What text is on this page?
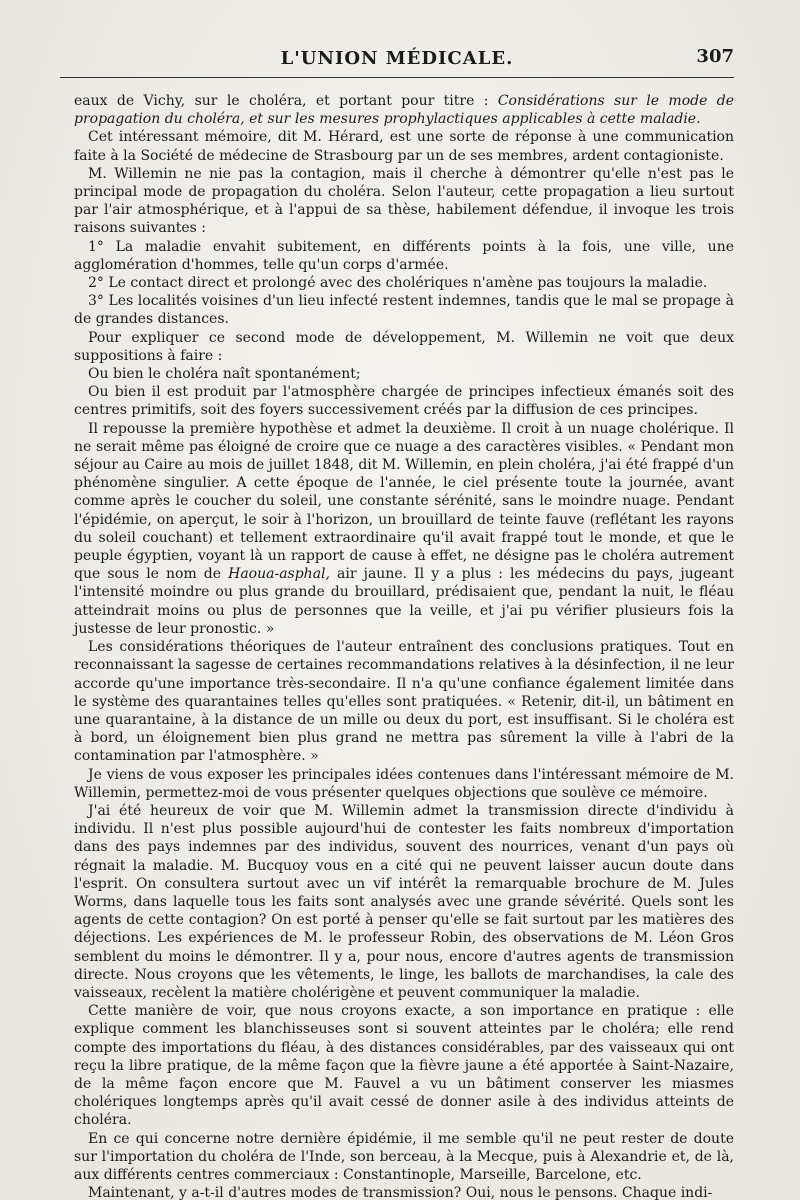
L'UNION MÉDICALE.	307

eaux de Vichy, sur le choléra, et portant pour titre : Considérations sur le mode de propagation du choléra, et sur les mesures prophylactiques applicables à cette maladie.

Cet intéressant mémoire, dit M. Hérard, est une sorte de réponse à une communication faite à la Société de médecine de Strasbourg par un de ses membres, ardent contagioniste.

M. Willemin ne nie pas la contagion, mais il cherche à démontrer qu'elle n'est pas le principal mode de propagation du choléra. Selon l'auteur, cette propagation a lieu surtout par l'air atmosphérique, et à l'appui de sa thèse, habilement défendue, il invoque les trois raisons suivantes :

1° La maladie envahit subitement, en différents points à la fois, une ville, une agglomération d'hommes, telle qu'un corps d'armée.

2° Le contact direct et prolongé avec des cholériques n'amène pas toujours la maladie.

3° Les localités voisines d'un lieu infecté restent indemnes, tandis que le mal se propage à de grandes distances.

Pour expliquer ce second mode de développement, M. Willemin ne voit que deux suppositions à faire :

Ou bien le choléra naît spontanément;

Ou bien il est produit par l'atmosphère chargée de principes infectieux émanés soit des centres primitifs, soit des foyers successivement créés par la diffusion de ces principes.

Il repousse la première hypothèse et admet la deuxième. Il croit à un nuage cholérique. Il ne serait même pas éloigné de croire que ce nuage a des caractères visibles. « Pendant mon séjour au Caire au mois de juillet 1848, dit M. Willemin, en plein choléra, j'ai été frappé d'un phénomène singulier. A cette époque de l'année, le ciel présente toute la journée, avant comme après le coucher du soleil, une constante sérénité, sans le moindre nuage. Pendant l'épidémie, on aperçut, le soir à l'horizon, un brouillard de teinte fauve (reflétant les rayons du soleil couchant) et tellement extraordinaire qu'il avait frappé tout le monde, et que le peuple égyptien, voyant là un rapport de cause à effet, ne désigne pas le choléra autrement que sous le nom de Haoua-asphal, air jaune. Il y a plus : les médecins du pays, jugeant l'intensité moindre ou plus grande du brouillard, prédisaient que, pendant la nuit, le fléau atteindrait moins ou plus de personnes que la veille, et j'ai pu vérifier plusieurs fois la justesse de leur pronostic. »

Les considérations théoriques de l'auteur entraînent des conclusions pratiques. Tout en reconnaissant la sagesse de certaines recommandations relatives à la désinfection, il ne leur accorde qu'une importance très-secondaire. Il n'a qu'une confiance également limitée dans le système des quarantaines telles qu'elles sont pratiquées. « Retenir, dit-il, un bâtiment en une quarantaine, à la distance de un mille ou deux du port, est insuffisant. Si le choléra est à bord, un éloignement bien plus grand ne mettra pas sûrement la ville à l'abri de la contamination par l'atmosphère. »

Je viens de vous exposer les principales idées contenues dans l'intéressant mémoire de M. Willemin, permettez-moi de vous présenter quelques objections que soulève ce mémoire.

J'ai été heureux de voir que M. Willemin admet la transmission directe d'individu à individu. Il n'est plus possible aujourd'hui de contester les faits nombreux d'importation dans des pays indemnes par des individus, souvent des nourrices, venant d'un pays où régnait la maladie. M. Bucquoy vous en a cité qui ne peuvent laisser aucun doute dans l'esprit. On consultera surtout avec un vif intérêt la remarquable brochure de M. Jules Worms, dans laquelle tous les faits sont analysés avec une grande sévérité. Quels sont les agents de cette contagion? On est porté à penser qu'elle se fait surtout par les matières des déjections. Les expériences de M. le professeur Robin, des observations de M. Léon Gros semblent du moins le démontrer. Il y a, pour nous, encore d'autres agents de transmission directe. Nous croyons que les vêtements, le linge, les ballots de marchandises, la cale des vaisseaux, recèlent la matière cholérigène et peuvent communiquer la maladie.

Cette manière de voir, que nous croyons exacte, a son importance en pratique : elle explique comment les blanchisseuses sont si souvent atteintes par le choléra; elle rend compte des importations du fléau, à des distances considérables, par des vaisseaux qui ont reçu la libre pratique, de la même façon que la fièvre jaune a été apportée à Saint-Nazaire, de la même façon encore que M. Fauvel a vu un bâtiment conserver les miasmes cholériques longtemps après qu'il avait cessé de donner asile à des individus atteints de choléra.

En ce qui concerne notre dernière épidémie, il me semble qu'il ne peut rester de doute sur l'importation du choléra de l'Inde, son berceau, à la Mecque, puis à Alexandrie et, de là, aux différents centres commerciaux : Constantinople, Marseille, Barcelone, etc.

Maintenant, y a-t-il d'autres modes de transmission? Oui, nous le pensons. Chaque indi-
